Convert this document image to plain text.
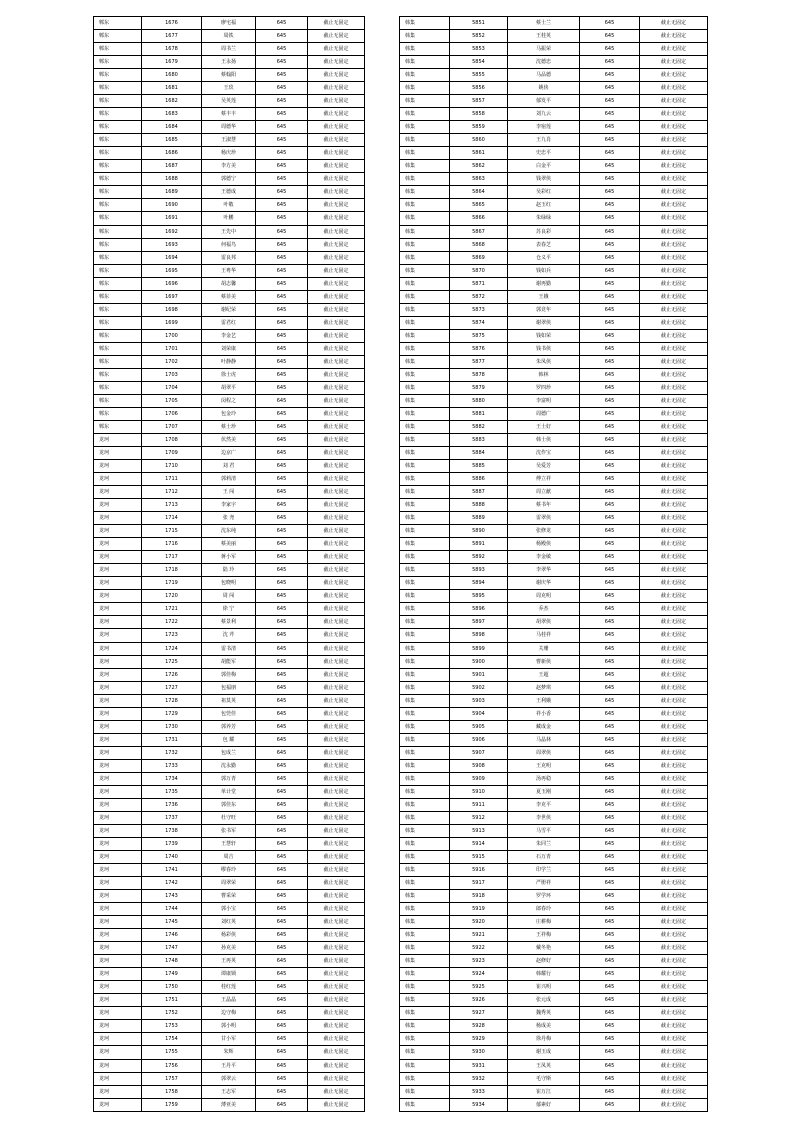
郫东	1676	廖宅福	645	截止无固定
郫东	1677	周铁	645	截止无固定
郫东	1678	周书兰	645	截止无固定
郫东	1679	王永扬	645	截止无固定
郫东	1680	蔡翰阳	645	截止无固定
郫东	1681	王玖	645	截止无固定
郫东	1682	吴英莲	645	截止无固定
郫东	1683	蔡丰丰	645	截止无固定
郫东	1684	周德华	645	截止无固定
郫东	1685	王淑慧	645	截止无固定
郫东	1686	杨庆珍	645	截止无固定
郫东	1687	李方美	645	截止无固定
郫东	1688	郭德宁	645	截止无固定
郫东	1689	王德成	645	截止无固定
郫东	1690	叶敬	645	截止无固定
郫东	1691	叶鹏	645	截止无固定
郫东	1692	王先中	645	截止无固定
郫东	1693	何福鸟	645	截止无固定
郫东	1694	雷良邦	645	截止无固定
郫东	1695	王粤华	645	截止无固定
郫东	1696	胡志馨	645	截止无固定
郫东	1697	蔡菲美	645	截止无固定
郫东	1698	谢纪荣	645	截止无固定
郫东	1699	雷君红	645	截止无固定
郫东	1700	李金艺	645	截止无固定
郫东	1701	刘荣康	645	截止无固定
郫东	1702	叶静静	645	截止无固定
郫东	1703	徐士虎	645	截止无固定
郫东	1704	胡翠平	645	截止无固定
郫东	1705	闵程之	645	截止无固定
郫东	1706	包金玲	645	截止无固定
郫东	1707	蔡士珍	645	截止无固定
龙珂	1708	伏然美	645	截止无固定
龙珂	1709	边京广	645	截止无固定
龙珂	1710	刘 君	645	截止无固定
龙珂	1711	郭莉清	645	截止无固定
龙珂	1712	王 闯	645	截止无固定
龙珂	1713	李家宇	645	截止无固定
龙珂	1714	张 尧	645	截止无固定
龙珂	1715	沈东纯	645	截止无固定
龙珂	1716	蔡美丽	645	截止无固定
龙珂	1717	蒋小军	645	截止无固定
龙珂	1718	陆 玲	645	截止无固定
龙珂	1719	包晓明	645	截止无固定
龙珂	1720	周 闯	645	截止无固定
龙珂	1721	徐 宁	645	截止无固定
龙珂	1722	蔡景利	645	截止无固定
龙珂	1723	沈 芹	645	截止无固定
龙珂	1724	雷书清	645	截止无固定
龙珂	1725	胡能军	645	截止无固定
龙珂	1726	郭佳梅	645	截止无固定
龙珂	1727	包福朋	645	截止无固定
龙珂	1728	祖莫英	645	截止无固定
龙珂	1729	包莞佳	645	截止无固定
龙珂	1730	郭养芳	645	截止无固定
龙珂	1731	包 耀	645	截止无固定
龙珂	1732	包成兰	645	截止无固定
龙珂	1733	沈永勤	645	截止无固定
龙珂	1734	郭万青	645	截止无固定
龙珂	1735	单计堂	645	截止无固定
龙珂	1736	郭佳东	645	截止无固定
龙珂	1737	杜守旺	645	截止无固定
龙珂	1738	张书军	645	截止无固定
龙珂	1739	王慧轩	645	截止无固定
龙珂	1740	周吉	645	截止无固定
龙珂	1741	缪春玲	645	截止无固定
龙珂	1742	周翠荣	645	截止无固定
龙珂	1743	曹采荣	645	截止无固定
龙珂	1744	郭小宝	645	截止无固定
龙珂	1745	刘红英	645	截止无固定
龙珂	1746	杨彩侠	645	截止无固定
龙珂	1747	孙克美	645	截止无固定
龙珂	1748	王再英	645	截止无固定
龙珂	1749	谭康锁	645	截止无固定
龙珂	1750	桂红莲	645	截止无固定
龙珂	1751	王晶晶	645	截止无固定
龙珂	1752	边守梅	645	截止无固定
龙珂	1753	郭小明	645	截止无固定
龙珂	1754	甘小军	645	截止无固定
龙珂	1755	朱辉	645	截止无固定
龙珂	1756	王丹平	645	截止无固定
龙珂	1757	郭翠云	645	截止无固定
龙珂	1758	王志军	645	截止无固定
龙珂	1759	薄亚美	645	截止无固定
韩集	5851	蔡士兰	645	截止无固定
韩集	5852	王桂英	645	截止无固定
韩集	5853	马振荣	645	截止无固定
韩集	5854	沈德忠	645	截止无固定
韩集	5855	马品德	645	截止无固定
韩集	5856	姚侠	645	截止无固定
韩集	5857	郁发平	645	截止无固定
韩集	5858	刘九云	645	截止无固定
韩集	5859	李宿莲	645	截止无固定
韩集	5860	王九肖	645	截止无固定
韩集	5861	史忠平	645	截止无固定
韩集	5862	白金平	645	截止无固定
韩集	5863	钱翠侠	645	截止无固定
韩集	5864	吴彩红	645	截止无固定
韩集	5865	赵玉红	645	截止无固定
韩集	5866	朱绿绿	645	截止无固定
韩集	5867	苏良彩	645	截止无固定
韩集	5868	表春芝	645	截止无固定
韩集	5869	仓义平	645	截止无固定
韩集	5870	钱如兵	645	截止无固定
韩集	5871	谢再勤	645	截止无固定
韩集	5872	王娥	645	截止无固定
韩集	5873	郭竞年	645	截止无固定
韩集	5874	谢翠侠	645	截止无固定
韩集	5875	钱如荣	645	截止无固定
韩集	5876	钱书侠	645	截止无固定
韩集	5877	朱凤侠	645	截止无固定
韩集	5878	韩林	645	截止无固定
韩集	5879	罗四珍	645	截止无固定
韩集	5880	李富明	645	截止无固定
韩集	5881	周德广	645	截止无固定
韩集	5882	王士好	645	截止无固定
韩集	5883	韩士侠	645	截止无固定
韩集	5884	沈作宝	645	截止无固定
韩集	5885	吴爱芳	645	截止无固定
韩集	5886	傅立祥	645	截止无固定
韩集	5887	周立献	645	截止无固定
韩集	5888	蔡书年	645	截止无固定
韩集	5889	雷翠侠	645	截止无固定
韩集	5890	张修龙	645	截止无固定
韩集	5891	杨殿侠	645	截止无固定
韩集	5892	李金敏	645	截止无固定
韩集	5893	李翠华	645	截止无固定
韩集	5894	谢庆华	645	截止无固定
韩集	5895	周克明	645	截止无固定
韩集	5896	乔杰	645	截止无固定
韩集	5897	胡翠侠	645	截止无固定
韩集	5898	马桂祥	645	截止无固定
韩集	5899	关珊	645	截止无固定
韩集	5900	曹新侠	645	截止无固定
韩集	5901	王超	645	截止无固定
韩集	5902	赵梦琪	645	截止无固定
韩集	5903	王利娥	645	截止无固定
韩集	5904	祥小香	645	截止无固定
韩集	5905	藏成金	645	截止无固定
韩集	5906	马晶林	645	截止无固定
韩集	5907	周翠侠	645	截止无固定
韩集	5908	王克明	645	截止无固定
韩集	5909	汤再稳	645	截止无固定
韩集	5910	夏玉刚	645	截止无固定
韩集	5911	李克平	645	截止无固定
韩集	5912	李世侠	645	截止无固定
韩集	5913	马雪平	645	截止无固定
韩集	5914	朱同兰	645	截止无固定
韩集	5915	石万青	645	截止无固定
韩集	5916	印学兰	645	截止无固定
韩集	5917	严册祥	645	截止无固定
韩集	5918	罗学环	645	截止无固定
韩集	5919	郎春玲	645	截止无固定
韩集	5920	庄耕梅	645	截止无固定
韩集	5921	王祥梅	645	截止无固定
韩集	5922	戴冬艳	645	截止无固定
韩集	5923	赵修好	645	截止无固定
韩集	5924	韩耀行	645	截止无固定
韩集	5925	崔兴明	645	截止无固定
韩集	5926	张元成	645	截止无固定
韩集	5927	魏秀英	645	截止无固定
韩集	5928	杨成美	645	截止无固定
韩集	5929	徐丹梅	645	截止无固定
韩集	5930	谢玉成	645	截止无固定
韩集	5931	王凤英	645	截止无固定
韩集	5932	毛守斯	645	截止无固定
韩集	5933	崔万江	645	截止无固定
韩集	5934	郁素好	645	截止无固定
